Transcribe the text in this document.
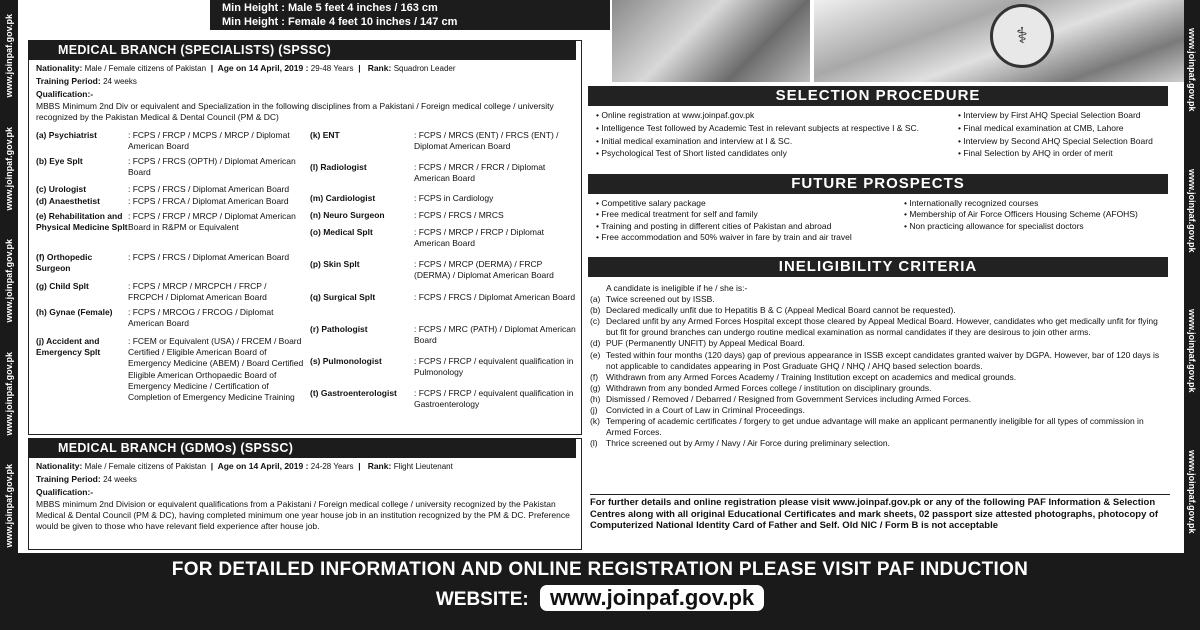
www.joinpaf.gov.pk
www.joinpaf.gov.pk
www.joinpaf.gov.pk
www.joinpaf.gov.pk
www.joinpaf.gov.pk
www.joinpaf.gov.pk
www.joinpaf.gov.pk
www.joinpaf.gov.pk
www.joinpaf.gov.pk
Min Height : Male 5 feet 4 inches / 163 cm
Min Height : Female 4 feet 10 inches / 147 cm
⚕
MEDICAL BRANCH (SPECIALISTS) (SPSSC)
Nationality: Male / Female citizens of Pakistan  |  Age on 14 April, 2019 : 29-48 Years  |   Rank: Squadron Leader
Training Period: 24 weeks
Qualification:-
MBBS Minimum 2nd Div or equivalent and Specialization in the following disciplines from a Pakistani / Foreign medical college / university recognized by the Pakistan Medical & Dental Council (PM & DC)
(a) Psychiatrist	: FCPS / FRCP / MCPS / MRCP / Diplomat American Board
(b) Eye Splt	: FCPS / FRCS (OPTH) / Diplomat American Board
(c) Urologist	: FCPS / FRCS / Diplomat American Board
(d) Anaesthetist	: FCPS / FRCA / Diplomat American Board
(e) Rehabilitation and Physical Medicine Splt
: FCPS / FRCP / MRCP / Diplomat American Board in R&PM or Equivalent
(f) Orthopedic Surgeon
: FCPS / FRCS / Diplomat American Board
(g) Child Splt	: FCPS / MRCP / MRCPCH / FRCP / FRCPCH / Diplomat American Board
(h) Gynae (Female)	: FCPS / MRCOG / FRCOG / Diplomat American Board
(j) Accident and Emergency Splt
: FCEM or Equivalent (USA) / FRCEM / Board Certified / Eligible American Board of Emergency Medicine (ABEM) / Board Certified Eligible American Orthopaedic Board of Emergency Medicine / Certification of Completion of Emergency Medicine Training
(k) ENT	: FCPS / MRCS (ENT) / FRCS (ENT) / Diplomat American Board
(l) Radiologist	: FCPS / MRCR / FRCR / Diplomat American Board
(m) Cardiologist	: FCPS in Cardiology
(n) Neuro Surgeon	: FCPS / FRCS / MRCS
(o) Medical Splt	: FCPS / MRCP / FRCP / Diplomat American Board
(p) Skin Splt	: FCPS / MRCP (DERMA) / FRCP (DERMA) / Diplomat American Board
(q) Surgical Splt	: FCPS / FRCS / Diplomat American Board
(r) Pathologist	: FCPS / MRC (PATH) / Diplomat American Board
(s) Pulmonologist	: FCPS / FRCP / equivalent qualification in Pulmonology
(t) Gastroenterologist	: FCPS / FRCP / equivalent qualification in Gastroenterology
MEDICAL BRANCH (GDMOs) (SPSSC)
Nationality: Male / Female citizens of Pakistan  |  Age on 14 April, 2019 : 24-28 Years  |   Rank: Flight Lieutenant
Training Period: 24 weeks
Qualification:-
MBBS minimum 2nd Division or equivalent qualifications from a Pakistani / Foreign medical college / university recognized by the Pakistan Medical & Dental Council (PM & DC), having completed minimum one year house job in an institution recognized by the PM & DC. Preference would be given to those who have relevant field experience after house job.
SELECTION PROCEDURE
• Online registration at www.joinpaf.gov.pk
• Intelligence Test followed by Academic Test in relevant subjects at respective I & SC.
• Initial medical examination and interview at I & SC.
• Psychological Test of Short listed candidates only
• Interview by First AHQ Special Selection Board
• Final medical examination at CMB, Lahore
• Interview by Second AHQ Special Selection Board
• Final Selection by AHQ in order of merit
FUTURE PROSPECTS
• Competitive salary package
• Free medical treatment for self and family
• Training and posting in different cities of Pakistan and abroad
• Free accommodation and 50% waiver in fare by train and air travel
• Internationally recognized courses
• Membership of Air Force Officers Housing Scheme (AFOHS)
• Non practicing allowance for specialist doctors
INELIGIBILITY CRITERIA
A candidate is ineligible if he / she is:-
(a) Twice screened out by ISSB.
(b) Declared medically unfit due to Hepatitis B & C (Appeal Medical Board cannot be requested).
(c) Declared unfit by any Armed Forces Hospital except those cleared by Appeal Medical Board. However, candidates who get medically unfit for flying but fit for ground branches can undergo routine medical examination as normal candidates if they are desirous to join other arms.
(d) PUF (Permanently UNFIT) by Appeal Medical Board.
(e) Tested within four months (120 days) gap of previous appearance in ISSB except candidates granted waiver by DGPA. However, bar of 120 days is not applicable to candidates appearing in Post Graduate GHQ / NHQ / AHQ based selection boards.
(f) Withdrawn from any Armed Forces Academy / Training Institution except on academics and medical grounds.
(g) Withdrawn from any bonded Armed Forces college / institution on disciplinary grounds.
(h) Dismissed / Removed / Debarred / Resigned from Government Services including Armed Forces.
(j) Convicted in a Court of Law in Criminal Proceedings.
(k) Tempering of academic certificates / forgery to get undue advantage will make an applicant permanently ineligible for all types of commission in Armed Forces.
(l) Thrice screened out by Army / Navy / Air Force during preliminary selection.
For further details and online registration please visit www.joinpaf.gov.pk or any of the following PAF Information & Selection Centres along with all original Educational Certificates and mark sheets, 02 passport size attested photographs, photocopy of Computerized National Identity Card of Father and Self. Old NIC / Form B is not acceptable
FOR DETAILED INFORMATION AND ONLINE REGISTRATION PLEASE VISIT PAF INDUCTION
WEBSITE: www.joinpaf.gov.pk
